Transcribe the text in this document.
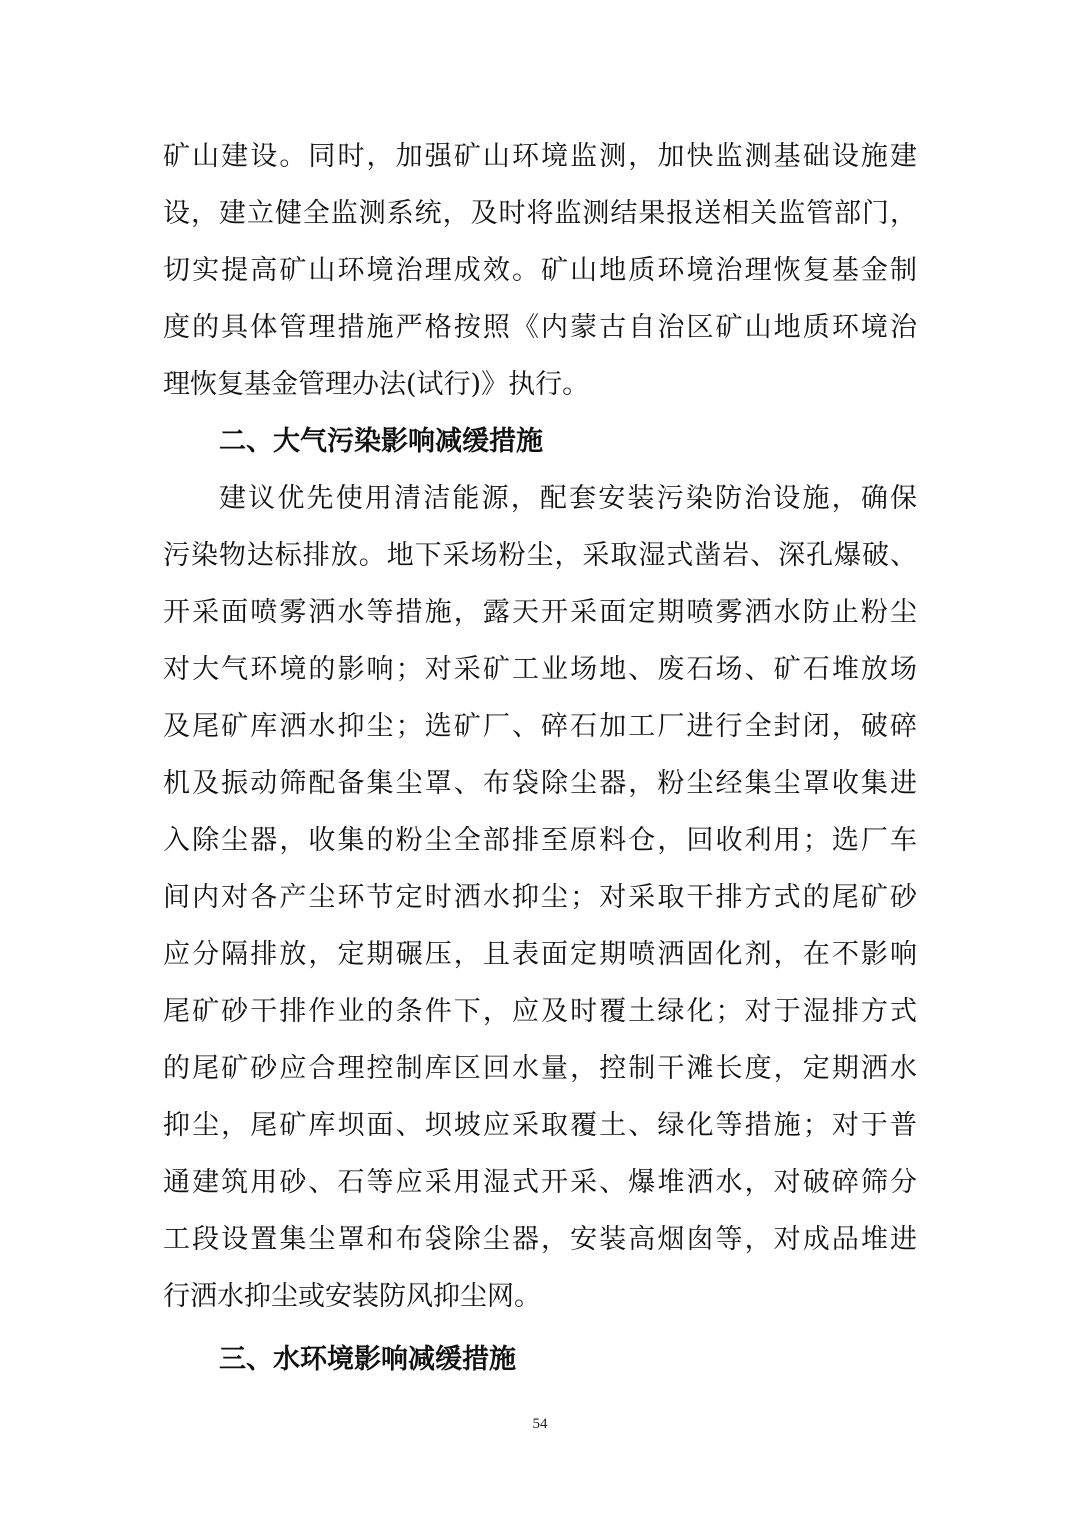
矿山建设。同时，加强矿山环境监测，加快监测基础设施建
设，建立健全监测系统，及时将监测结果报送相关监管部门，
切实提高矿山环境治理成效。矿山地质环境治理恢复基金制
度的具体管理措施严格按照《内蒙古自治区矿山地质环境治
理恢复基金管理办法(试行)》执行。
二、大气污染影响减缓措施
建议优先使用清洁能源，配套安装污染防治设施，确保
污染物达标排放。地下采场粉尘，采取湿式凿岩、深孔爆破、
开采面喷雾洒水等措施，露天开采面定期喷雾洒水防止粉尘
对大气环境的影响；对采矿工业场地、废石场、矿石堆放场
及尾矿库洒水抑尘；选矿厂、碎石加工厂进行全封闭，破碎
机及振动筛配备集尘罩、布袋除尘器，粉尘经集尘罩收集进
入除尘器，收集的粉尘全部排至原料仓，回收利用；选厂车
间内对各产尘环节定时洒水抑尘；对采取干排方式的尾矿砂
应分隔排放，定期碾压，且表面定期喷洒固化剂，在不影响
尾矿砂干排作业的条件下，应及时覆土绿化；对于湿排方式
的尾矿砂应合理控制库区回水量，控制干滩长度，定期洒水
抑尘，尾矿库坝面、坝坡应采取覆土、绿化等措施；对于普
通建筑用砂、石等应采用湿式开采、爆堆洒水，对破碎筛分
工段设置集尘罩和布袋除尘器，安装高烟囱等，对成品堆进
行洒水抑尘或安装防风抑尘网。
三、水环境影响减缓措施
54
